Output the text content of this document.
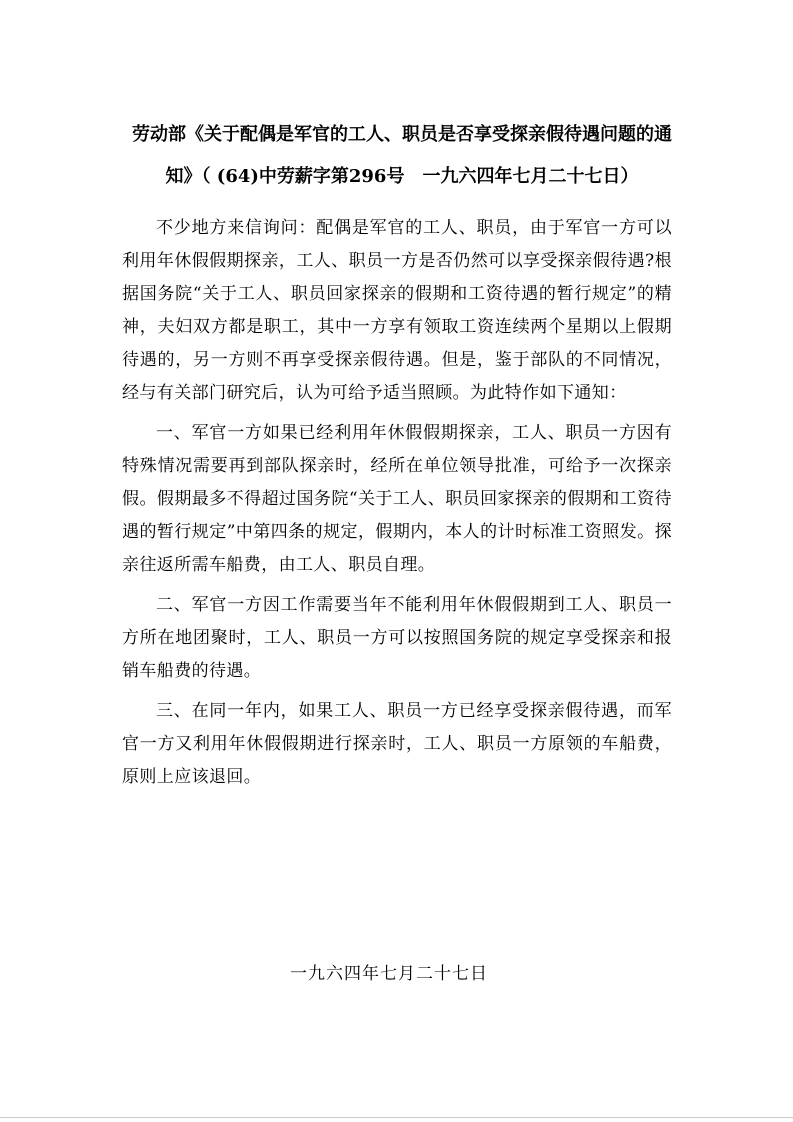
劳动部《关于配偶是军官的工人、职员是否享受探亲假待遇问题的通知》（ (64)中劳薪字第296号　一九六四年七月二十七日）

不少地方来信询问：配偶是军官的工人、职员，由于军官一方可以利用年休假假期探亲，工人、职员一方是否仍然可以享受探亲假待遇?根据国务院“关于工人、职员回家探亲的假期和工资待遇的暂行规定”的精神，夫妇双方都是职工，其中一方享有领取工资连续两个星期以上假期待遇的，另一方则不再享受探亲假待遇。但是，鉴于部队的不同情况，经与有关部门研究后，认为可给予适当照顾。为此特作如下通知：

一、军官一方如果已经利用年休假假期探亲，工人、职员一方因有特殊情况需要再到部队探亲时，经所在单位领导批准，可给予一次探亲假。假期最多不得超过国务院“关于工人、职员回家探亲的假期和工资待遇的暂行规定”中第四条的规定，假期内，本人的计时标准工资照发。探亲往返所需车船费，由工人、职员自理。

二、军官一方因工作需要当年不能利用年休假假期到工人、职员一方所在地团聚时，工人、职员一方可以按照国务院的规定享受探亲和报销车船费的待遇。

三、在同一年内，如果工人、职员一方已经享受探亲假待遇，而军官一方又利用年休假假期进行探亲时，工人、职员一方原领的车船费，原则上应该退回。

一九六四年七月二十七日
